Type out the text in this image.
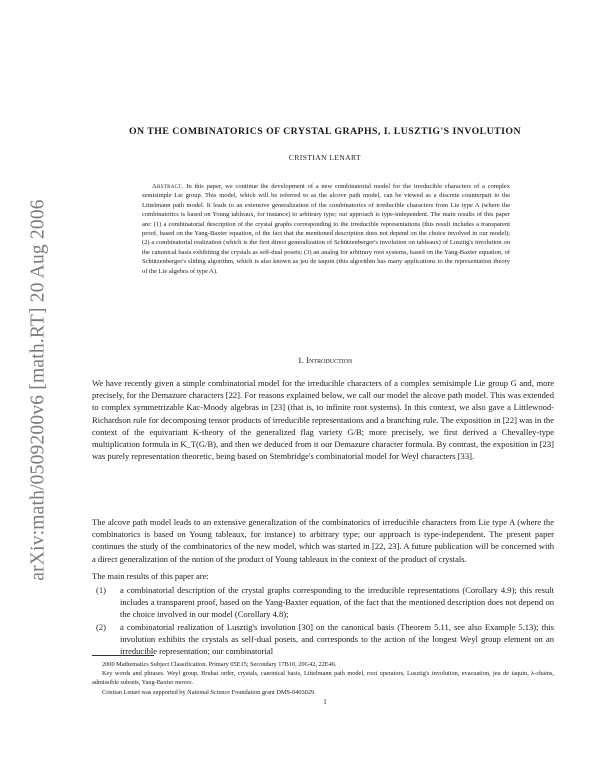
arXiv:math/0509200v6 [math.RT] 20 Aug 2006
ON THE COMBINATORICS OF CRYSTAL GRAPHS, I. LUSZTIG'S INVOLUTION
CRISTIAN LENART
Abstract. In this paper, we continue the development of a new combinatorial model for the irreducible characters of a complex semisimple Lie group. This model, which will be referred to as the alcove path model, can be viewed as a discrete counterpart to the Littelmann path model. It leads to an extensive generalization of the combinatorics of irreducible characters from Lie type A (where the combinatorics is based on Young tableaux, for instance) to arbitrary type; our approach is type-independent. The main results of this paper are: (1) a combinatorial description of the crystal graphs corresponding to the irreducible representations (this result includes a transparent proof, based on the Yang-Baxter equation, of the fact that the mentioned description does not depend on the choice involved in our model); (2) a combinatorial realization (which is the first direct generalization of Schützenberger's involution on tableaux) of Lusztig's involution on the canonical basis exhibiting the crystals as self-dual posets; (3) an analog for arbitrary root systems, based on the Yang-Baxter equation, of Schützenberger's sliding algorithm, which is also known as jeu de taquin (this algorithm has many applications to the representation theory of the Lie algebra of type A).
1. Introduction
We have recently given a simple combinatorial model for the irreducible characters of a complex semisimple Lie group G and, more precisely, for the Demazure characters [22]. For reasons explained below, we call our model the alcove path model. This was extended to complex symmetrizable Kac-Moody algebras in [23] (that is, to infinite root systems). In this context, we also gave a Littlewood-Richardson rule for decomposing tensor products of irreducible representations and a branching rule. The exposition in [22] was in the context of the equivariant K-theory of the generalized flag variety G/B; more precisely, we first derived a Chevalley-type multiplication formula in K_T(G/B), and then we deduced from it our Demazure character formula. By contrast, the exposition in [23] was purely representation theoretic, being based on Stembridge's combinatorial model for Weyl characters [33].
The alcove path model leads to an extensive generalization of the combinatorics of irreducible characters from Lie type A (where the combinatorics is based on Young tableaux, for instance) to arbitrary type; our approach is type-independent. The present paper continues the study of the combinatorics of the new model, which was started in [22, 23]. A future publication will be concerned with a direct generalization of the notion of the product of Young tableaux in the context of the product of crystals.
The main results of this paper are:
(1) a combinatorial description of the crystal graphs corresponding to the irreducible representations (Corollary 4.9); this result includes a transparent proof, based on the Yang-Baxter equation, of the fact that the mentioned description does not depend on the choice involved in our model (Corollary 4.8);
(2) a combinatorial realization of Lusztig's involution [30] on the canonical basis (Theorem 5.11, see also Example 5.13); this involution exhibits the crystals as self-dual posets, and corresponds to the action of the longest Weyl group element on an irreducible representation; our combinatorial

2000 Mathematics Subject Classification. Primary 05E15; Secondary 17B10, 20G42, 22E46.

Key words and phrases. Weyl group, Bruhat order, crystals, canonical basis, Littelmann path model, root operators, Lusztig's involution, evacuation, jeu de taquin, λ-chains, admissible subsets, Yang-Baxter moves.

Cristian Lenart was supported by National Science Foundation grant DMS-0403029.

1
